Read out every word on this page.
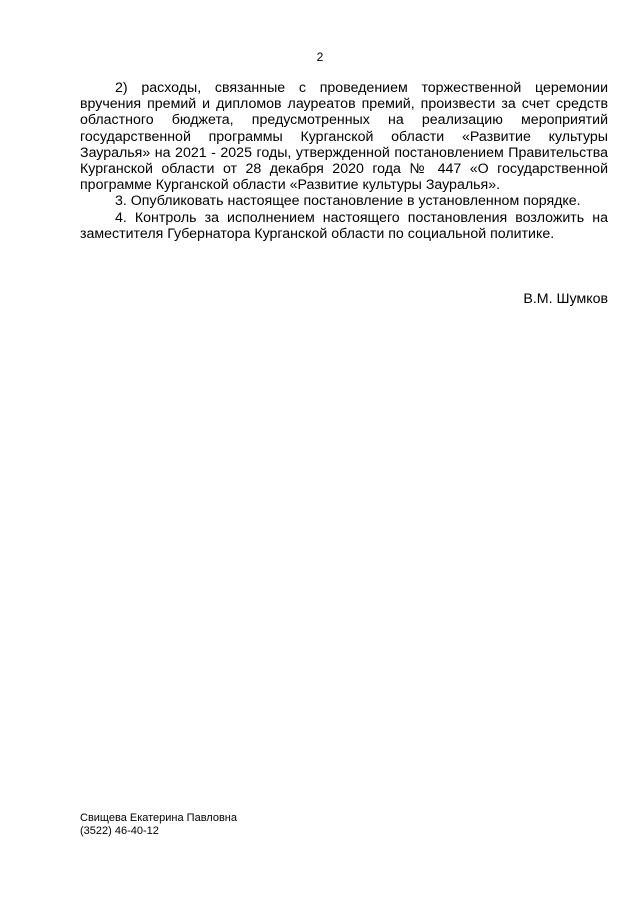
2

2) расходы, связанные с проведением торжественной церемонии вручения премий и дипломов лауреатов премий, произвести за счет средств областного бюджета, предусмотренных на реализацию мероприятий государственной программы Курганской области «Развитие культуры Зауралья» на 2021 - 2025 годы, утвержденной постановлением Правительства Курганской области от 28 декабря 2020 года № 447 «О государственной программе Курганской области «Развитие культуры Зауралья».

3. Опубликовать настоящее постановление в установленном порядке.

4. Контроль за исполнением настоящего постановления возложить на заместителя Губернатора Курганской области по социальной политике.

В.М. Шумков
Свищева Екатерина Павловна
(3522) 46-40-12
